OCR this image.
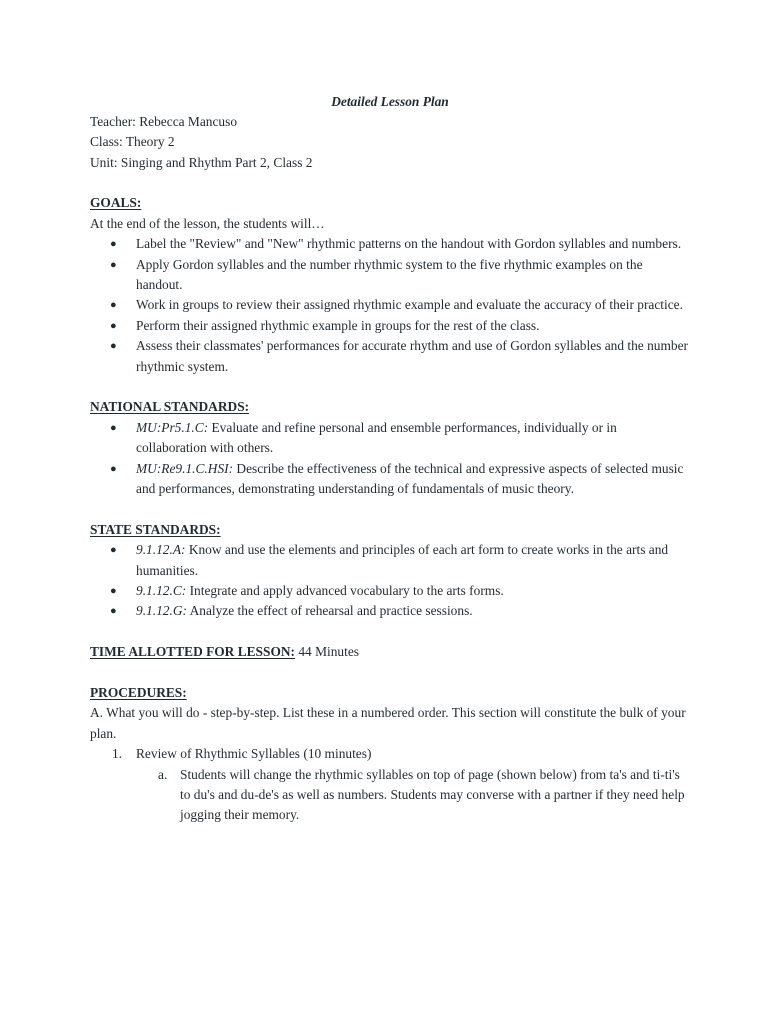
Detailed Lesson Plan
Teacher: Rebecca Mancuso
Class: Theory 2
Unit: Singing and Rhythm Part 2, Class 2
GOALS:
At the end of the lesson, the students will…
● Label the "Review" and "New" rhythmic patterns on the handout with Gordon syllables and numbers.
● Apply Gordon syllables and the number rhythmic system to the five rhythmic examples on the handout.
● Work in groups to review their assigned rhythmic example and evaluate the accuracy of their practice.
● Perform their assigned rhythmic example in groups for the rest of the class.
● Assess their classmates' performances for accurate rhythm and use of Gordon syllables and the number rhythmic system.
NATIONAL STANDARDS:
● MU:Pr5.1.C: Evaluate and refine personal and ensemble performances, individually or in collaboration with others.
● MU:Re9.1.C.HSI: Describe the effectiveness of the technical and expressive aspects of selected music and performances, demonstrating understanding of fundamentals of music theory.
STATE STANDARDS:
● 9.1.12.A: Know and use the elements and principles of each art form to create works in the arts and humanities.
● 9.1.12.C: Integrate and apply advanced vocabulary to the arts forms.
● 9.1.12.G: Analyze the effect of rehearsal and practice sessions.
TIME ALLOTTED FOR LESSON: 44 Minutes
PROCEDURES:
A. What you will do - step-by-step. List these in a numbered order. This section will constitute the bulk of your plan.
1.	Review of Rhythmic Syllables (10 minutes)
a. Students will change the rhythmic syllables on top of page (shown below) from ta's and ti-ti's to du's and du-de's as well as numbers. Students may converse with a partner if they need help jogging their memory.
